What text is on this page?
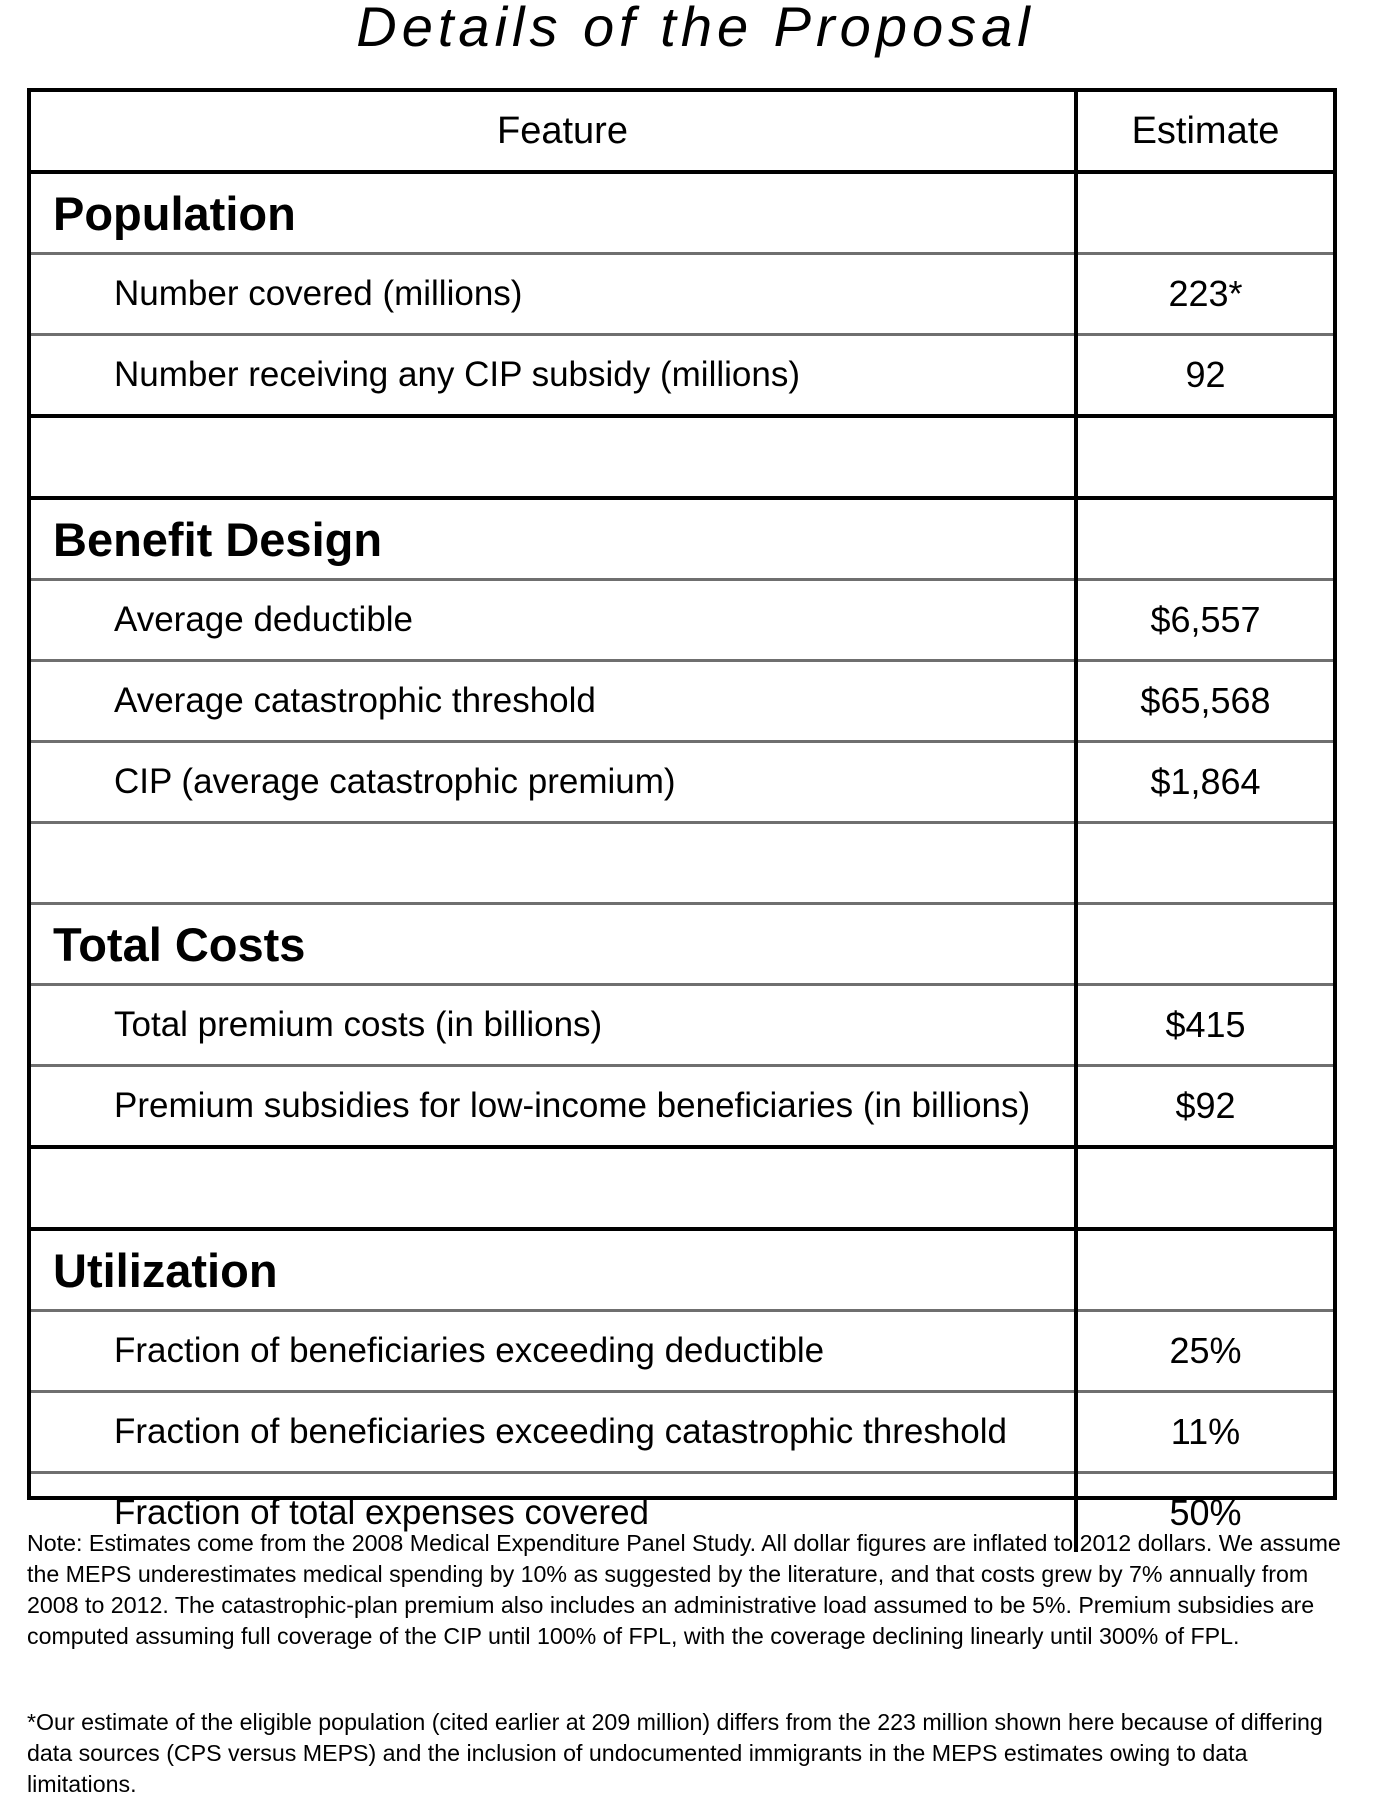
Details of the Proposal
Feature	Estimate
Population	
Number covered (millions)	223*
Number receiving any CIP subsidy (millions)	92

Benefit Design	
Average deductible	$6,557
Average catastrophic threshold	$65,568
CIP (average catastrophic premium)	$1,864

Total Costs	
Total premium costs (in billions)	$415
Premium subsidies for low-income beneficiaries (in billions)	$92

Utilization	
Fraction of beneficiaries exceeding deductible	25%
Fraction of beneficiaries exceeding catastrophic threshold	11%
Fraction of total expenses covered	50%
Note: Estimates come from the 2008 Medical Expenditure Panel Study. All dollar figures are inflated to 2012 dollars. We assume the MEPS underestimates medical spending by 10% as suggested by the literature, and that costs grew by 7% annually from 2008 to 2012. The catastrophic-plan premium also includes an administrative load assumed to be 5%. Premium subsidies are computed assuming full coverage of the CIP until 100% of FPL, with the coverage declining linearly until 300% of FPL.
*Our estimate of the eligible population (cited earlier at 209 million) differs from the 223 million shown here because of differing data sources (CPS versus MEPS) and the inclusion of undocumented immigrants in the MEPS estimates owing to data limitations.
